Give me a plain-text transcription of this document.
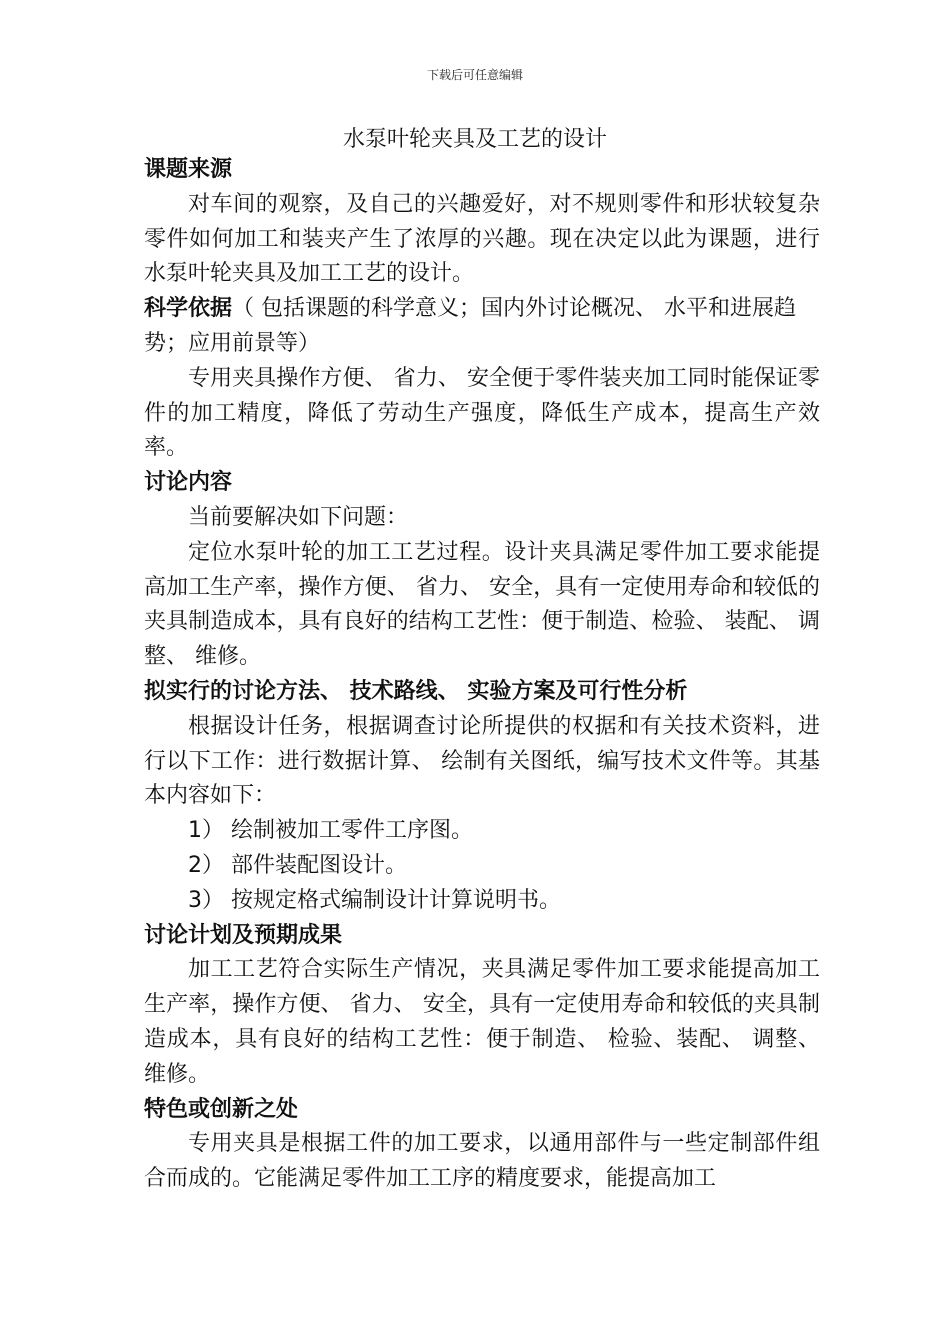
下载后可任意编辑
水泵叶轮夹具及工艺的设计
课题来源

对车间的观察，及自己的兴趣爱好，对不规则零件和形状较复杂零件如何加工和装夹产生了浓厚的兴趣。现在决定以此为课题，进行水泵叶轮夹具及加工工艺的设计。

科学依据（ 包括课题的科学意义；国内外讨论概况、 水平和进展趋势；应用前景等）

专用夹具操作方便、 省力、 安全便于零件装夹加工同时能保证零件的加工精度，降低了劳动生产强度，降低生产成本，提高生产效率。

讨论内容

当前要解决如下问题：

定位水泵叶轮的加工工艺过程。设计夹具满足零件加工要求能提高加工生产率，操作方便、 省力、 安全，具有一定使用寿命和较低的夹具制造成本，具有良好的结构工艺性：便于制造、检验、 装配、 调整、 维修。

拟实行的讨论方法、 技术路线、 实验方案及可行性分析

根据设计任务，根据调查讨论所提供的权据和有关技术资料，进行以下工作：进行数据计算、 绘制有关图纸，编写技术文件等。其基本内容如下：

1） 绘制被加工零件工序图。

2） 部件装配图设计。

3） 按规定格式编制设计计算说明书。

讨论计划及预期成果

加工工艺符合实际生产情况，夹具满足零件加工要求能提高加工生产率，操作方便、 省力、 安全，具有一定使用寿命和较低的夹具制造成本，具有良好的结构工艺性：便于制造、 检验、装配、 调整、 维修。

特色或创新之处

专用夹具是根据工件的加工要求，以通用部件与一些定制部件组合而成的。它能满足零件加工工序的精度要求，能提高加工
